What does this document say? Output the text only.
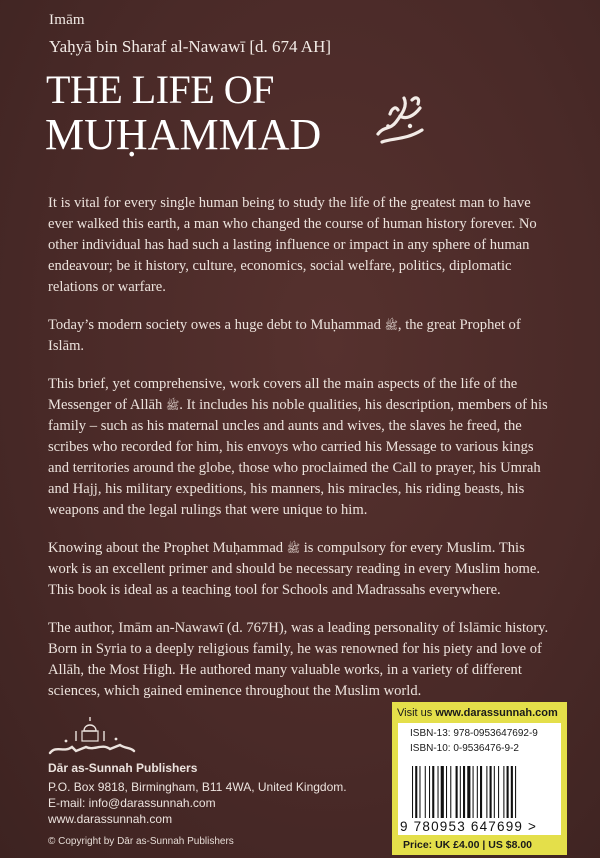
Imām
Yaḥyā bin Sharaf al-Nawawī [d. 674 AH]
THE LIFE OF
MUḤAMMAD

It is vital for every single human being to study the life of the greatest man to have ever walked this earth, a man who changed the course of human history forever. No other individual has had such a lasting influence or impact in any sphere of human endeavour; be it history, culture, economics, social welfare, politics, diplomatic relations or warfare.

Today’s modern society owes a huge debt to Muḥammad ﷺ, the great Prophet of Islām.

This brief, yet comprehensive, work covers all the main aspects of the life of the Messenger of Allāh ﷺ. It includes his noble qualities, his description, members of his family – such as his maternal uncles and aunts and wives, the slaves he freed, the scribes who recorded for him, his envoys who carried his Message to various kings and territories around the globe, those who proclaimed the Call to prayer, his Umrah and Hajj, his military expeditions, his manners, his miracles, his riding beasts, his weapons and the legal rulings that were unique to him.

Knowing about the Prophet Muḥammad ﷺ is compulsory for every Muslim. This work is an excellent primer and should be necessary reading in every Muslim home. This book is ideal as a teaching tool for Schools and Madrassahs everywhere.

The author, Imām an-Nawawī (d. 767H), was a leading personality of Islāmic history. Born in Syria to a deeply religious family, he was renowned for his piety and love of Allāh, the Most High. He authored many valuable works, in a variety of different sciences, which gained eminence throughout the Muslim world.

Dār as-Sunnah Publishers
P.O. Box 9818, Birmingham, B11 4WA, United Kingdom.
E-mail: info@darassunnah.com
www.darassunnah.com
© Copyright by Dār as-Sunnah Publishers
Visit us www.darassunnah.com
ISBN-13: 978-0953647692-9
ISBN-10: 0-9536476-9-2
9 780953 647699 >
Price: UK £4.00 | US $8.00
